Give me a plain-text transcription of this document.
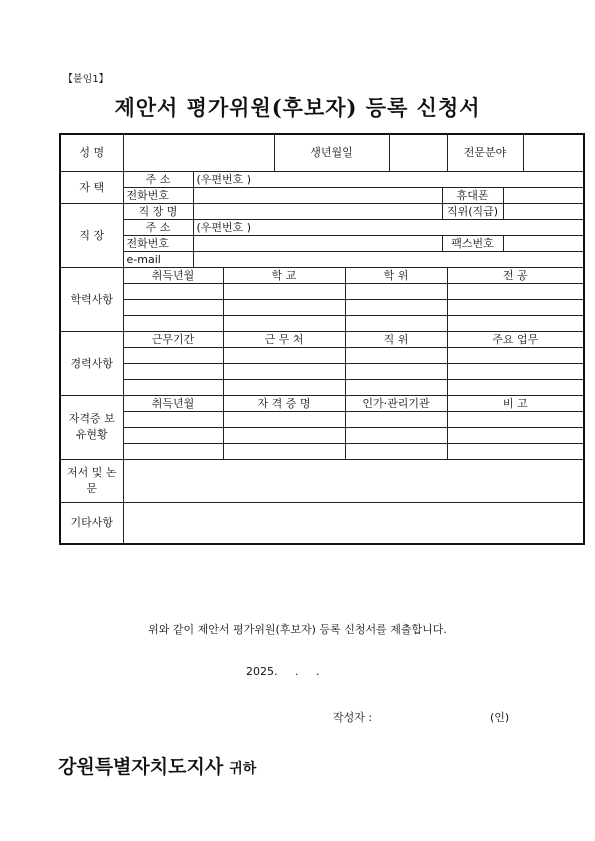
【붙임1】
제안서 평가위원(후보자) 등록 신청서
성 명				생년월일				전문분야		
자 택	주 소	(우편번호 )								
	전화번호						휴대폰			
직 장	직 장 명						직위(직급)			
	주 소	(우편번호 )								
	전화번호						팩스번호			
	e-mail									
학력사항	취득년월		학 교		학 위			전 공		

경력사항	근무기간		근 무 처		직 위			주요 업무		

자격증 보유현황	취득년월		자 격 증 명		인가·관리기관			비 고		

저서 및 논문										
기타사항										
위와 같이 제안서 평가위원(후보자) 등록 신청서를 제출합니다.
2025. . .
작성자 :	(인)
강원특별자치도지사 귀하
